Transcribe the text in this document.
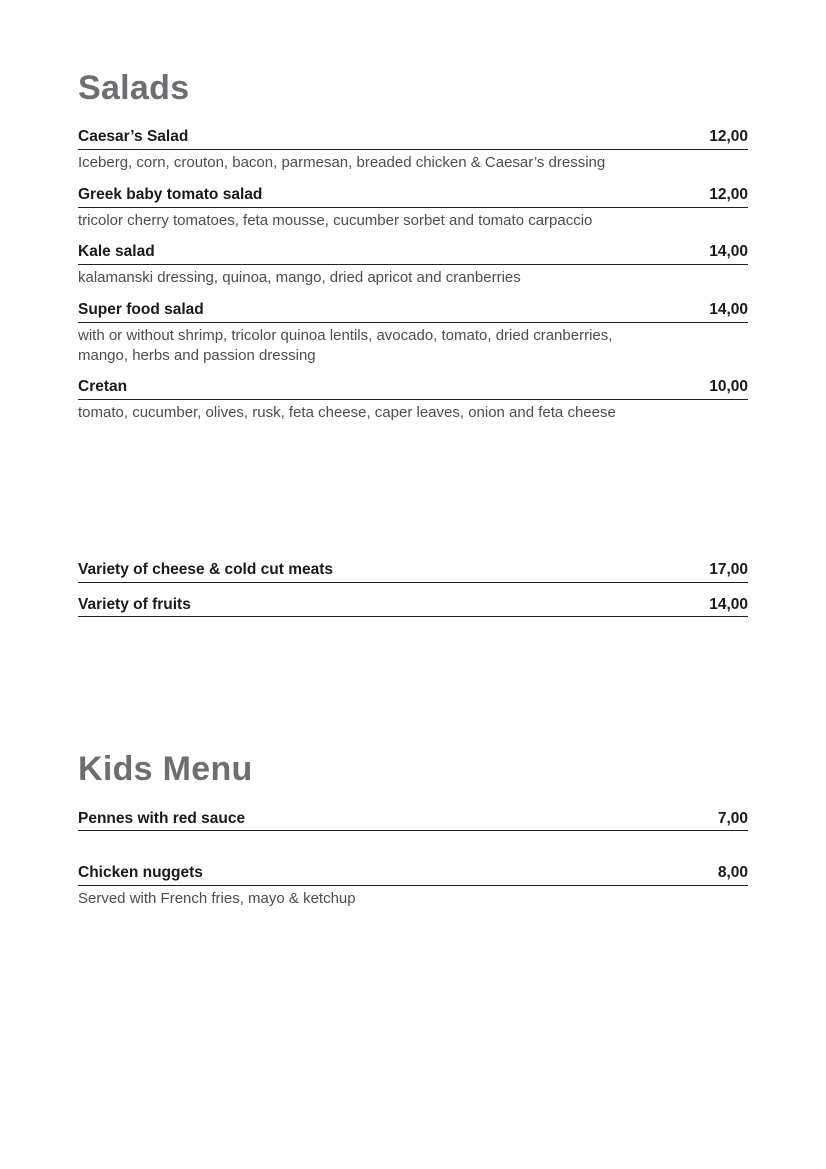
Salads
Caesar’s Salad	12,00
Iceberg, corn, crouton, bacon, parmesan, breaded chicken & Caesar’s dressing
Greek baby tomato salad	12,00
tricolor cherry tomatoes, feta mousse, cucumber sorbet and tomato carpaccio
Kale salad	14,00
kalamanski dressing, quinoa, mango, dried apricot and cranberries
Super food salad	14,00
with or without shrimp, tricolor quinoa lentils, avocado, tomato, dried cranberries, mango, herbs and passion dressing
Cretan	10,00
tomato, cucumber, olives, rusk, feta cheese, caper leaves, onion and feta cheese
Variety of cheese & cold cut meats	17,00
Variety of fruits	14,00
Kids Menu
Pennes with red sauce	7,00
Chicken nuggets	8,00
Served with French fries, mayo & ketchup
